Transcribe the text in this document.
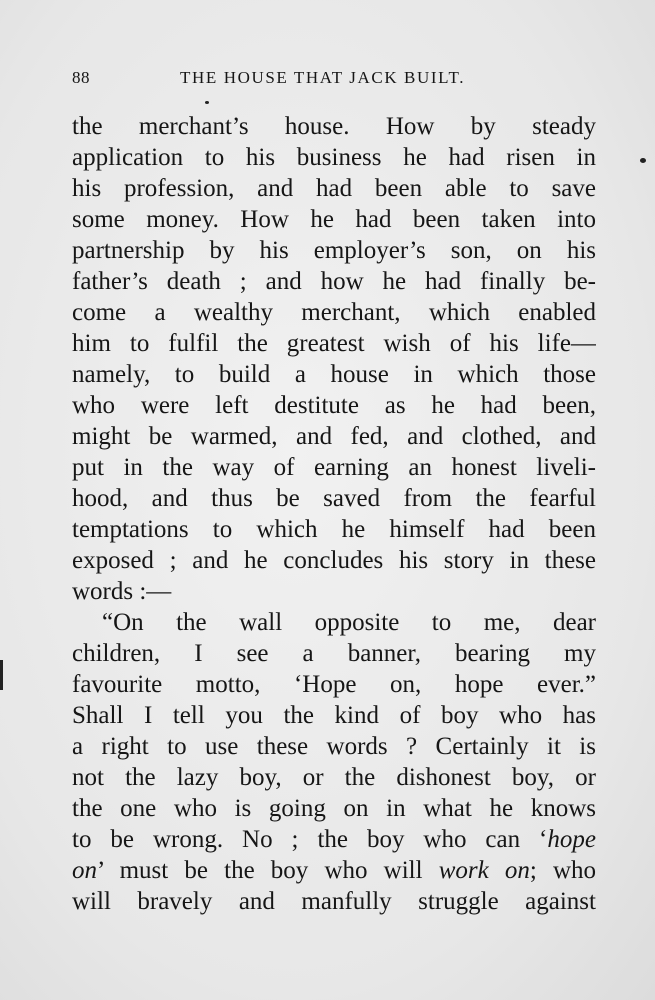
88	THE HOUSE THAT JACK BUILT.
the merchant’s house. How by steady
application to his business he had risen in
his profession, and had been able to save
some money. How he had been taken into
partnership by his employer’s son, on his
father’s death ; and how he had finally be-
come a wealthy merchant, which enabled
him to fulfil the greatest wish of his life—
namely, to build a house in which those
who were left destitute as he had been,
might be warmed, and fed, and clothed, and
put in the way of earning an honest liveli-
hood, and thus be saved from the fearful
temptations to which he himself had been
exposed ; and he concludes his story in these
words :—
“On the wall opposite to me, dear
children, I see a banner, bearing my
favourite motto, ‘Hope on, hope ever.”
Shall I tell you the kind of boy who has
a right to use these words ? Certainly it is
not the lazy boy, or the dishonest boy, or
the one who is going on in what he knows
to be wrong. No ; the boy who can ‘hope
on’ must be the boy who will work on; who
will bravely and manfully struggle against
